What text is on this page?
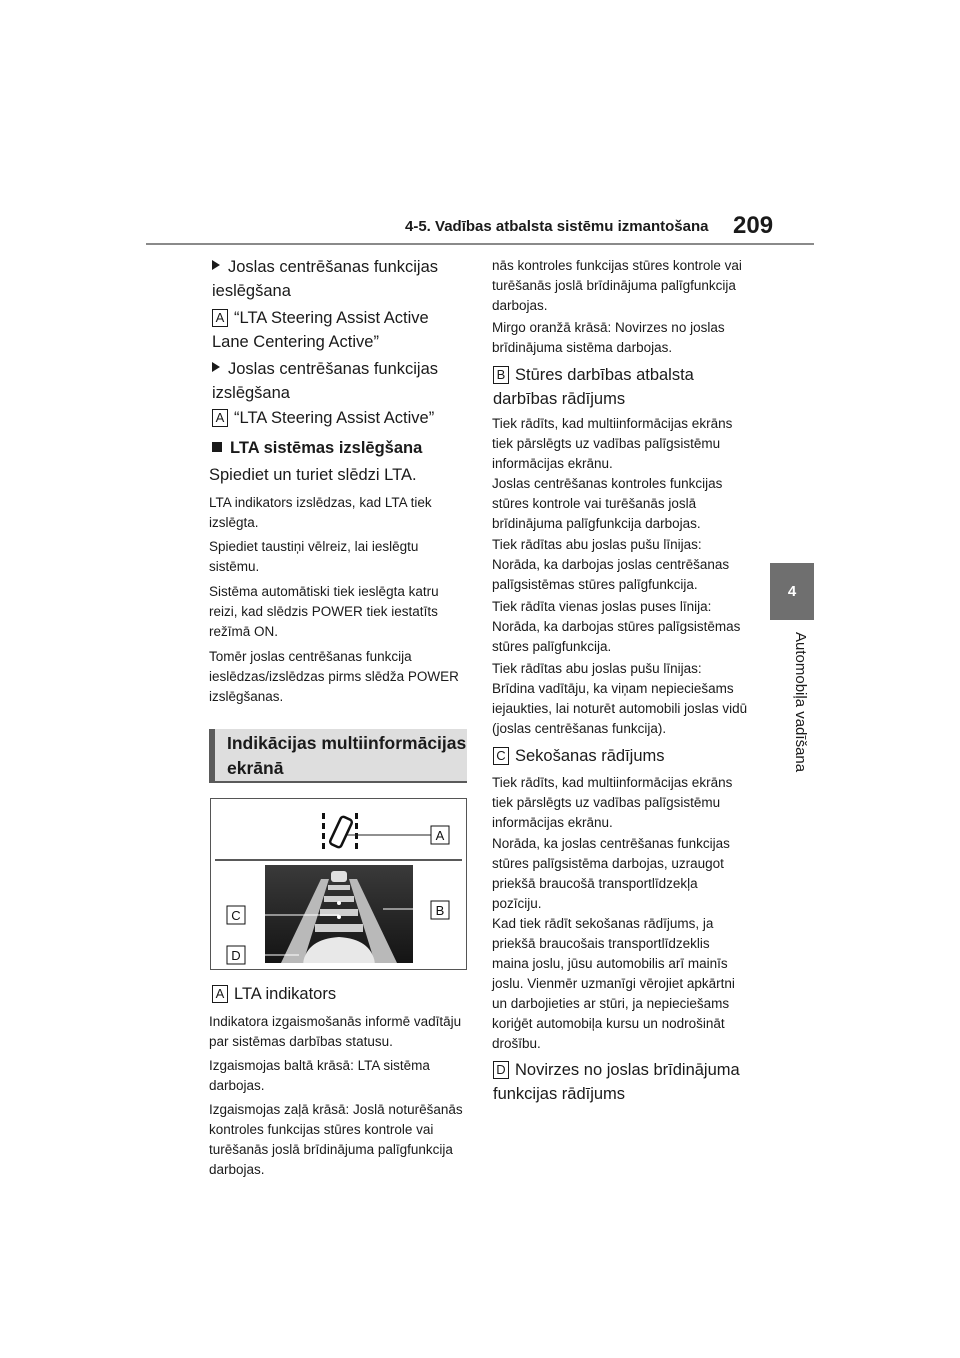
4-5. Vadības atbalsta sistēmu izmantošana 209
4
Automobiļa vadīšana
Joslas centrēšanas funkcijas ieslēgšana
A “LTA Steering Assist Active Lane Centering Active”
Joslas centrēšanas funkcijas izslēgšana
A “LTA Steering Assist Active”
LTA sistēmas izslēgšana
Spiediet un turiet slēdzi LTA.
LTA indikators izslēdzas, kad LTA tiek izslēgta.
Spiediet taustiņi vēlreiz, lai ieslēgtu sistēmu.
Sistēma automātiski tiek ieslēgta katru reizi, kad slēdzis POWER tiek iestatīts režīmā ON.
Tomēr joslas centrēšanas funkcija ieslēdzas/izslēdzas pirms slēdža POWER izslēgšanas.
Indikācijas multiinformācijas ekrānā
A
B
C
D
A LTA indikators
Indikatora izgaismošanās informē vadītāju par sistēmas darbības statusu.
Izgaismojas baltā krāsā: LTA sistēma darbojas.
Izgaismojas zaļā krāsā: Joslā noturēšanās kontroles funkcijas stūres kontrole vai turēšanās joslā brīdinājuma palīgfunkcija darbojas.
nās kontroles funkcijas stūres kontrole vai turēšanās joslā brīdinājuma palīgfunkcija darbojas.
Mirgo oranžā krāsā: Novirzes no joslas brīdinājuma sistēma darbojas.
B Stūres darbības atbalsta darbības rādījums
Tiek rādīts, kad multiinformācijas ekrāns tiek pārslēgts uz vadības palīgsistēmu informācijas ekrānu.
Joslas centrēšanas kontroles funkcijas stūres kontrole vai turēšanās joslā brīdinājuma palīgfunkcija darbojas.
Tiek rādītas abu joslas pušu līnijas: Norāda, ka darbojas joslas centrēšanas palīgsistēmas stūres palīgfunkcija.
Tiek rādīta vienas joslas puses līnija: Norāda, ka darbojas stūres palīgsistēmas stūres palīgfunkcija.
Tiek rādītas abu joslas pušu līnijas: Brīdina vadītāju, ka viņam nepieciešams iejaukties, lai noturēt automobili joslas vidū (joslas centrēšanas funkcija).
C Sekošanas rādījums
Tiek rādīts, kad multiinformācijas ekrāns tiek pārslēgts uz vadības palīgsistēmu informācijas ekrānu.
Norāda, ka joslas centrēšanas funkcijas stūres palīgsistēma darbojas, uzraugot priekšā braucošā transportlīdzekļa pozīciju.
Kad tiek rādīt sekošanas rādījums, ja priekšā braucošais transportlīdzeklis maina joslu, jūsu automobilis arī mainīs joslu. Vienmēr uzmanīgi vērojiet apkārtni un darbojieties ar stūri, ja nepieciešams koriģēt automobiļa kursu un nodrošināt drošību.
D Novirzes no joslas brīdinājuma funkcijas rādījums
